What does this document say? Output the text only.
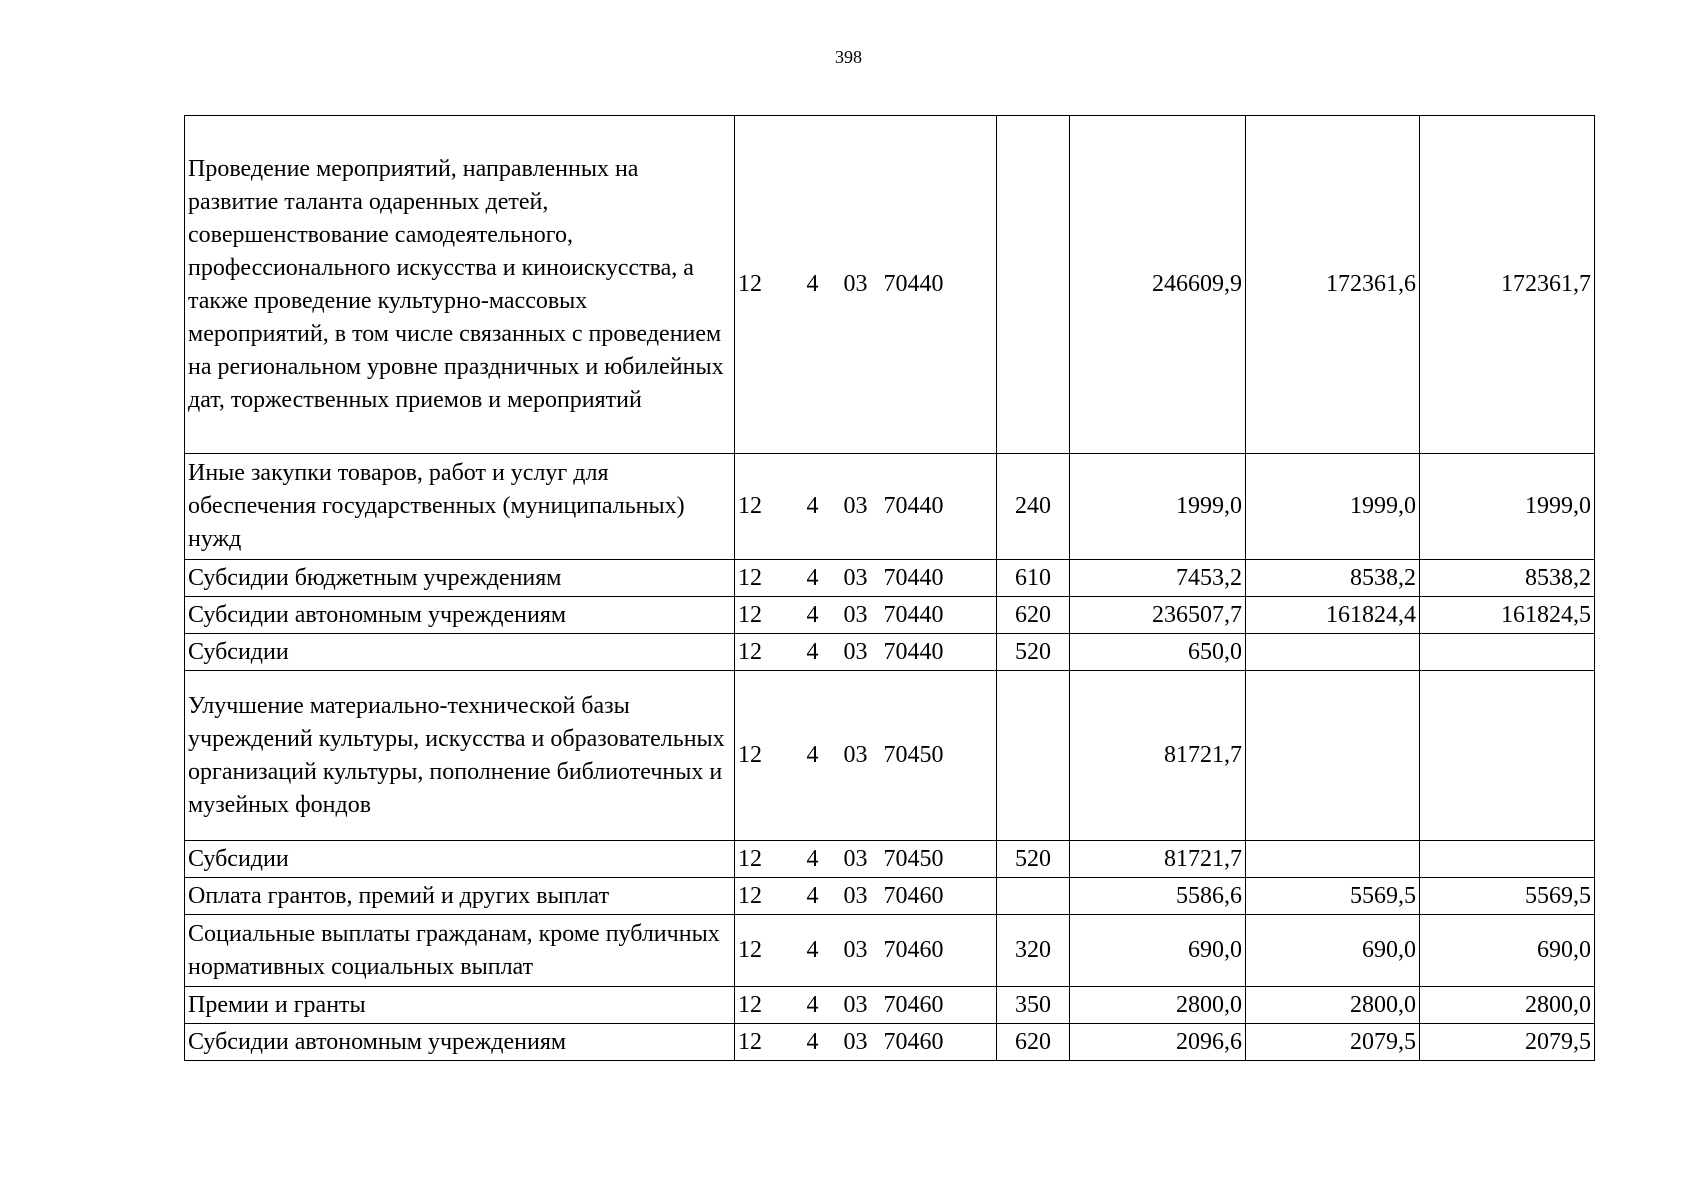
398
Проведение мероприятий, направленных на развитие таланта одаренных детей, совершенствование самодеятельного, профессионального искусства и киноискусства, а также проведение культурно-массовых мероприятий, в том числе связанных с проведением на региональном уровне праздничных и юбилейных дат, торжественных приемов и мероприятий	12	4	03	70440		246609,9	172361,6	172361,7
Иные закупки товаров, работ и услуг для обеспечения государственных (муниципальных) нужд	12	4	03	70440	240	1999,0	1999,0	1999,0
Субсидии бюджетным учреждениям	12	4	03	70440	610	7453,2	8538,2	8538,2
Субсидии автономным учреждениям	12	4	03	70440	620	236507,7	161824,4	161824,5
Субсидии	12	4	03	70440	520	650,0		
Улучшение материально-технической базы учреждений культуры, искусства и образовательных организаций культуры, пополнение библиотечных и музейных фондов	12	4	03	70450		81721,7		
Субсидии	12	4	03	70450	520	81721,7		
Оплата грантов, премий и других выплат	12	4	03	70460		5586,6	5569,5	5569,5
Социальные выплаты гражданам, кроме публичных нормативных социальных выплат	12	4	03	70460	320	690,0	690,0	690,0
Премии и гранты	12	4	03	70460	350	2800,0	2800,0	2800,0
Субсидии автономным учреждениям	12	4	03	70460	620	2096,6	2079,5	2079,5
